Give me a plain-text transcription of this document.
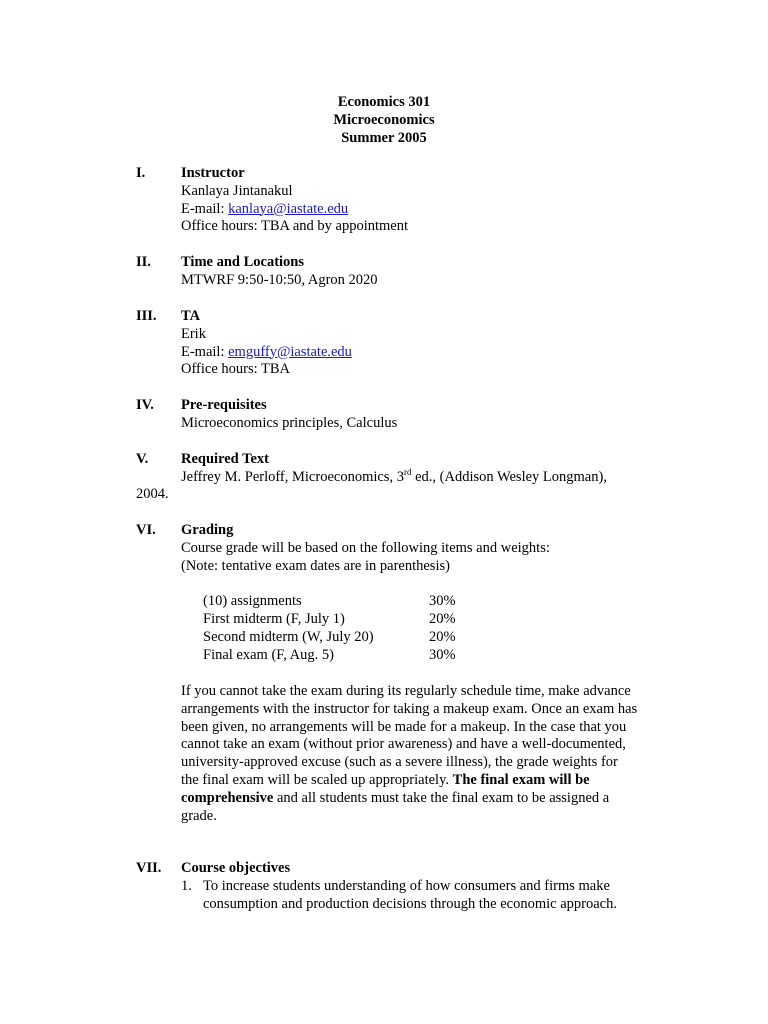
Economics 301
Microeconomics
Summer 2005
I. Instructor
Kanlaya Jintanakul
E-mail: kanlaya@iastate.edu
Office hours: TBA and by appointment
II. Time and Locations
MTWRF 9:50-10:50, Agron 2020
III. TA
Erik
E-mail: emguffy@iastate.edu
Office hours: TBA
IV. Pre-requisites
Microeconomics principles, Calculus
V. Required Text
Jeffrey M. Perloff, Microeconomics, 3rd ed., (Addison Wesley Longman),
2004.
VI. Grading
Course grade will be based on the following items and weights:
(Note: tentative exam dates are in parenthesis)
(10) assignments	30%
First midterm (F, July 1)	20%
Second midterm (W, July 20)	20%
Final exam (F, Aug. 5)	30%
If you cannot take the exam during its regularly schedule time, make advance
arrangements with the instructor for taking a makeup exam. Once an exam has
been given, no arrangements will be made for a makeup. In the case that you
cannot take an exam (without prior awareness) and have a well-documented,
university-approved excuse (such as a severe illness), the grade weights for
the final exam will be scaled up appropriately. The final exam will be
comprehensive and all students must take the final exam to be assigned a
grade.
VII. Course objectives
1. To increase students understanding of how consumers and firms make
consumption and production decisions through the economic approach.
